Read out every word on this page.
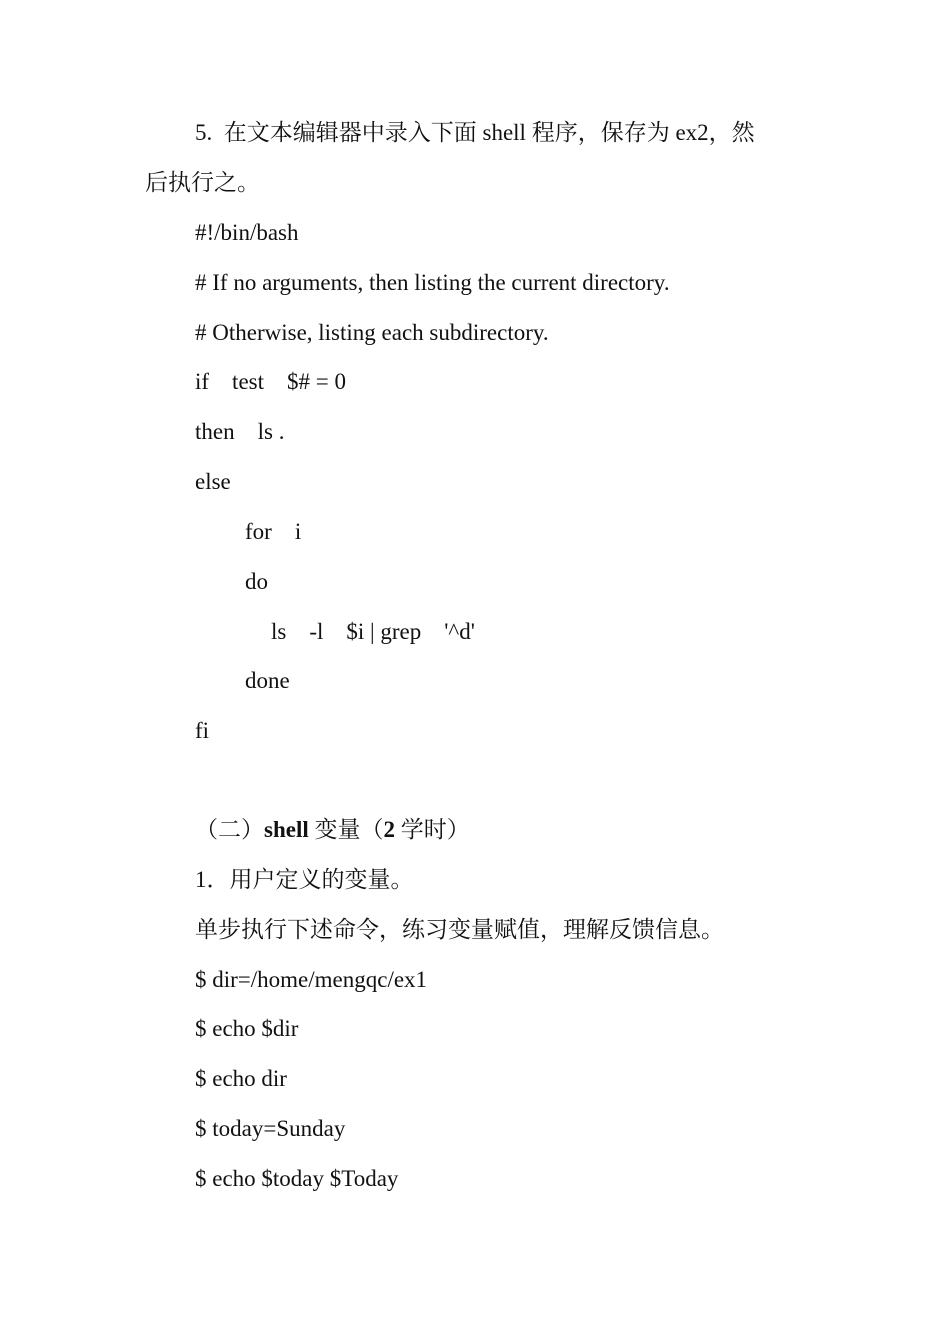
5.  在文本编辑器中录入下面 shell 程序，保存为 ex2，然
后执行之。
#!/bin/bash
# If no arguments, then listing the current directory.
# Otherwise, listing each subdirectory.
if    test    $# = 0
then    ls .
else
for    i
do
ls    -l    $i | grep    '^d'
done
fi
（二）shell 变量（2 学时）
1．用户定义的变量。
单步执行下述命令，练习变量赋值，理解反馈信息。
$ dir=/home/mengqc/ex1
$ echo $dir
$ echo dir
$ today=Sunday
$ echo $today $Today
